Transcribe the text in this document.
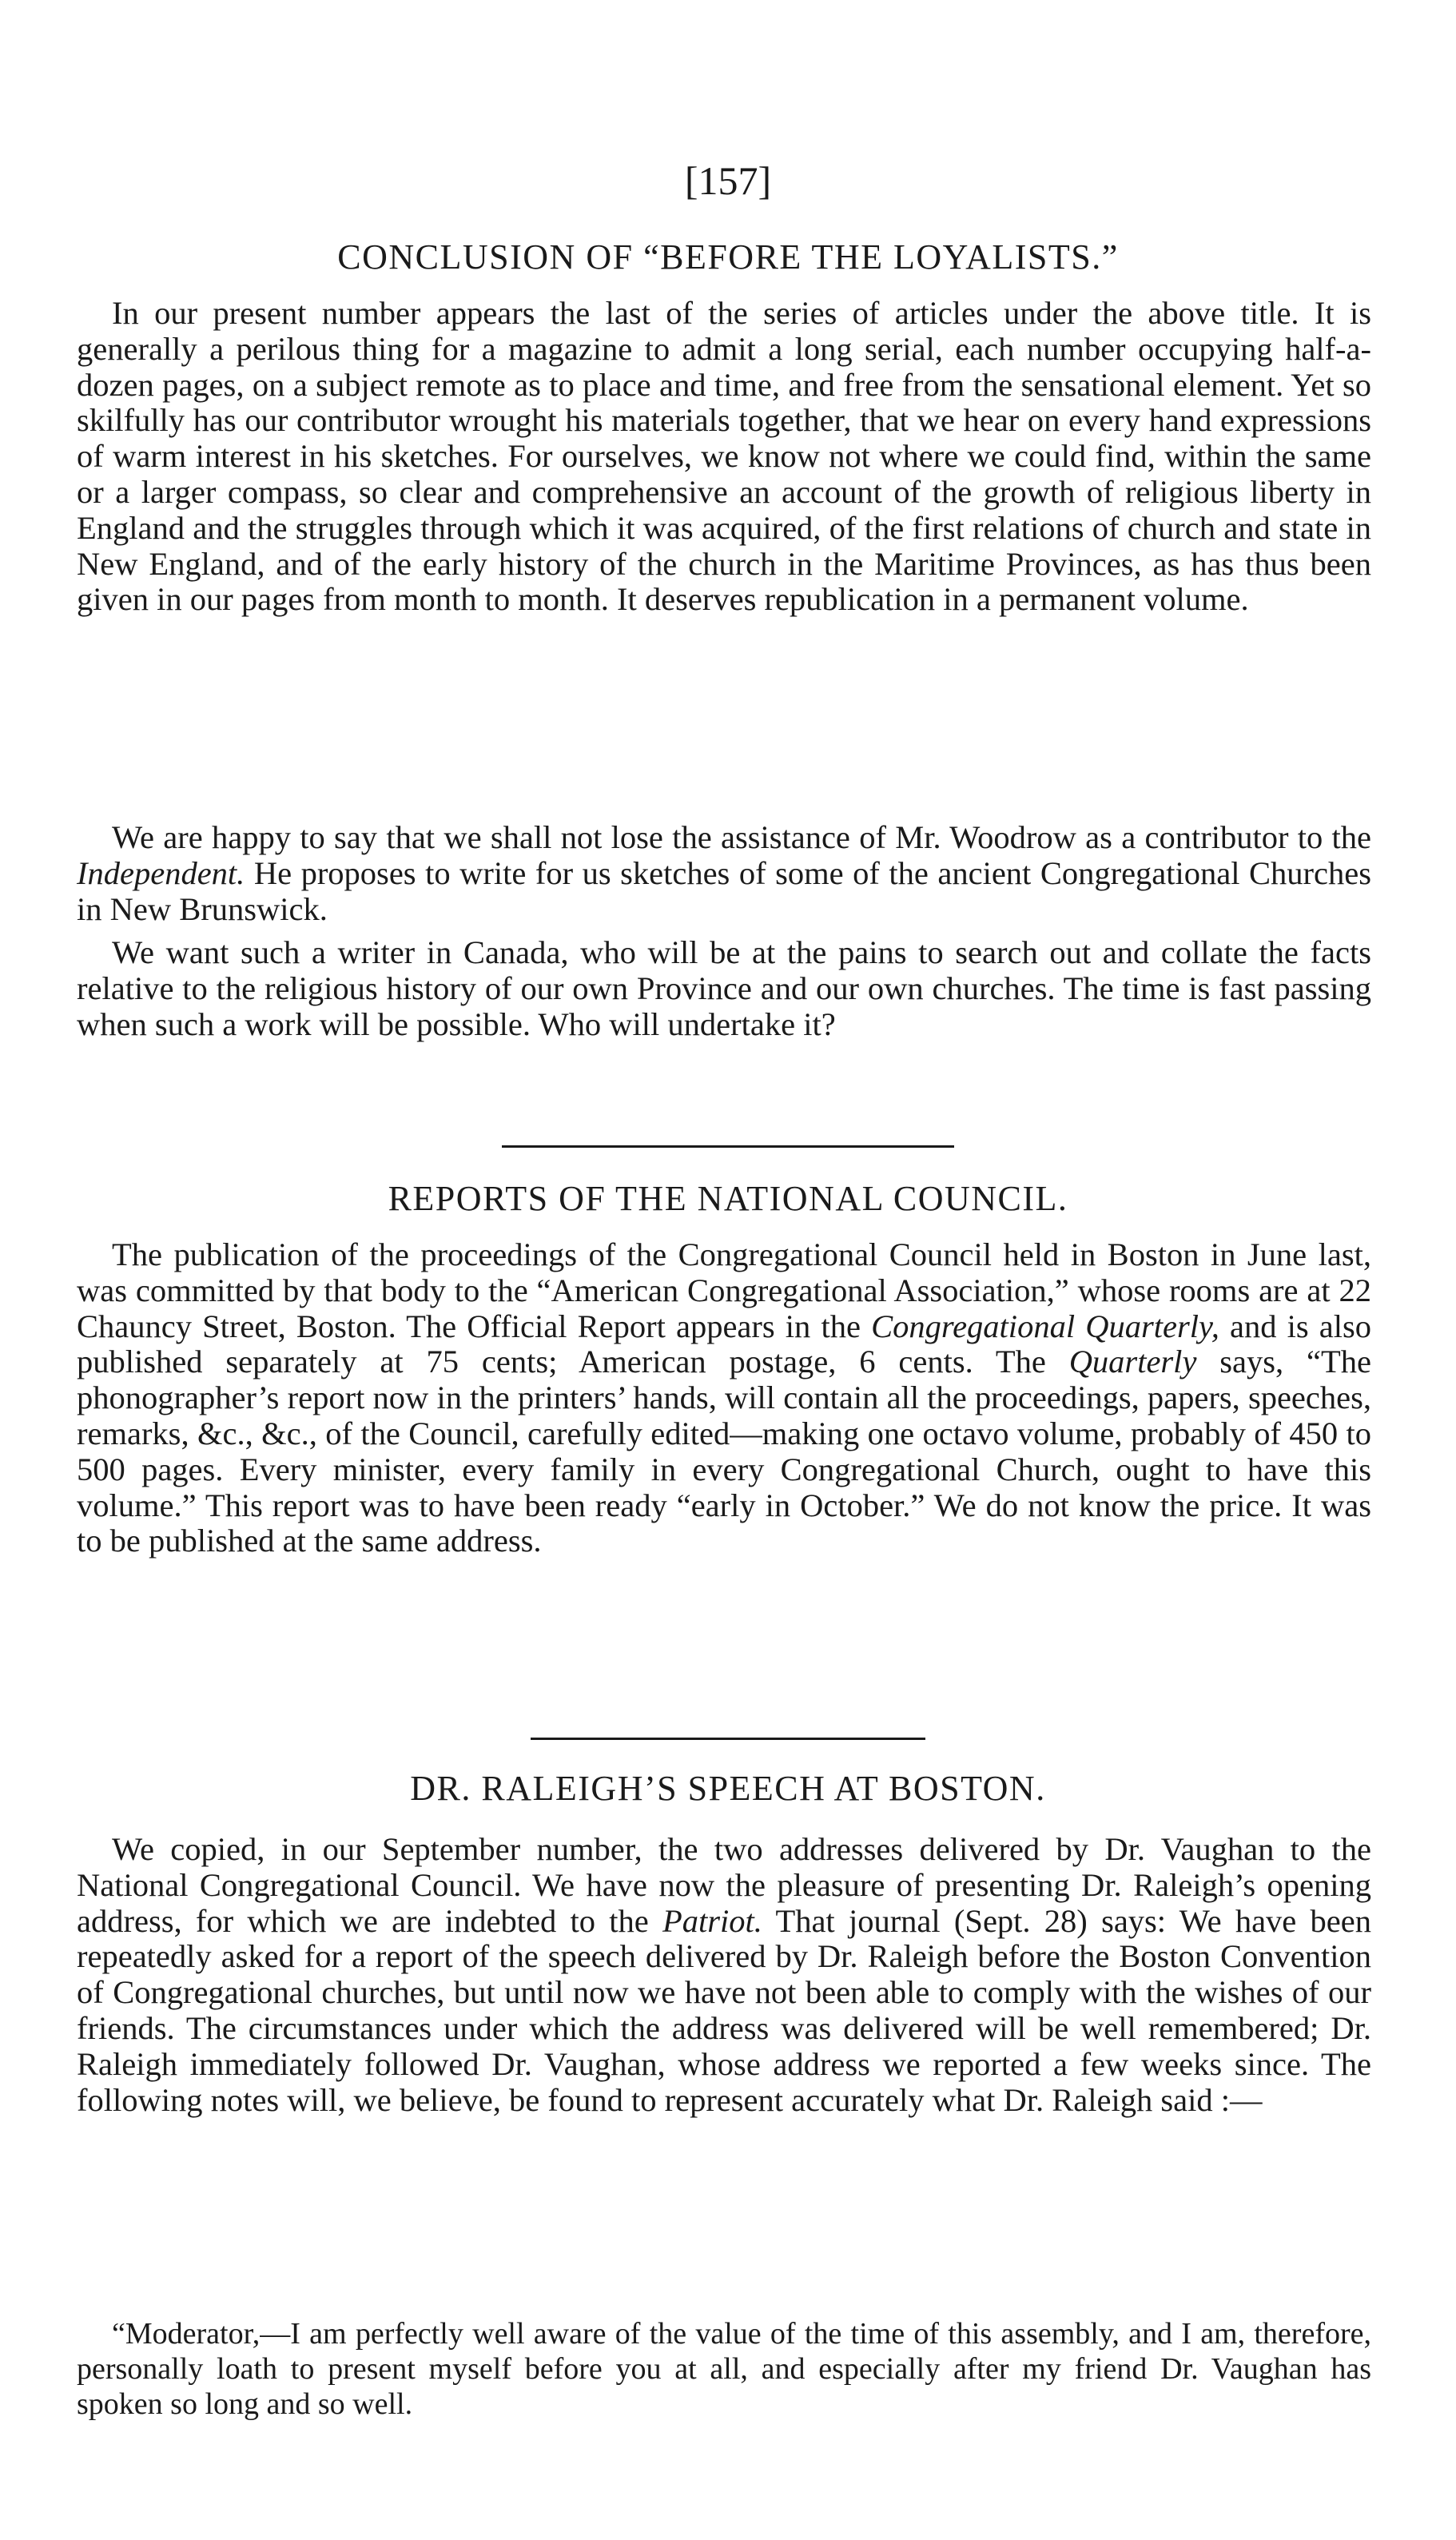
[157]
CONCLUSION OF “BEFORE THE LOYALISTS.”

In our present number appears the last of the series of articles under the above title. It is generally a perilous thing for a magazine to admit a long serial, each number occupying half-a-dozen pages, on a subject remote as to place and time, and free from the sensational element. Yet so skilfully has our contributor wrought his materials together, that we hear on every hand expressions of warm interest in his sketches. For ourselves, we know not where we could find, within the same or a larger compass, so clear and comprehensive an account of the growth of religious liberty in England and the struggles through which it was acquired, of the first relations of church and state in New England, and of the early history of the church in the Maritime Provinces, as has thus been given in our pages from month to month. It deserves republication in a permanent volume.

We are happy to say that we shall not lose the assistance of Mr. Woodrow as a contributor to the Independent. He proposes to write for us sketches of some of the ancient Congregational Churches in New Brunswick.

We want such a writer in Canada, who will be at the pains to search out and collate the facts relative to the religious history of our own Province and our own churches. The time is fast passing when such a work will be possible. Who will undertake it?

REPORTS OF THE NATIONAL COUNCIL.

The publication of the proceedings of the Congregational Council held in Boston in June last, was committed by that body to the “American Congregational Association,” whose rooms are at 22 Chauncy Street, Boston. The Official Report appears in the Congregational Quarterly, and is also published separately at 75 cents; American postage, 6 cents. The Quarterly says, “The phonographer’s report now in the printers’ hands, will contain all the proceedings, papers, speeches, remarks, &c., &c., of the Council, carefully edited—making one octavo volume, probably of 450 to 500 pages. Every minister, every family in every Congregational Church, ought to have this volume.” This report was to have been ready “early in October.” We do not know the price. It was to be published at the same address.

DR. RALEIGH’S SPEECH AT BOSTON.

We copied, in our September number, the two addresses delivered by Dr. Vaughan to the National Congregational Council. We have now the pleasure of presenting Dr. Raleigh’s opening address, for which we are indebted to the Patriot. That journal (Sept. 28) says: We have been repeatedly asked for a report of the speech delivered by Dr. Raleigh before the Boston Convention of Congregational churches, but until now we have not been able to comply with the wishes of our friends. The circumstances under which the address was delivered will be well remembered; Dr. Raleigh immediately followed Dr. Vaughan, whose address we reported a few weeks since. The following notes will, we believe, be found to represent accurately what Dr. Raleigh said :—

“Moderator,—I am perfectly well aware of the value of the time of this assembly, and I am, therefore, personally loath to present myself before you at all, and especially after my friend Dr. Vaughan has spoken so long and so well.
